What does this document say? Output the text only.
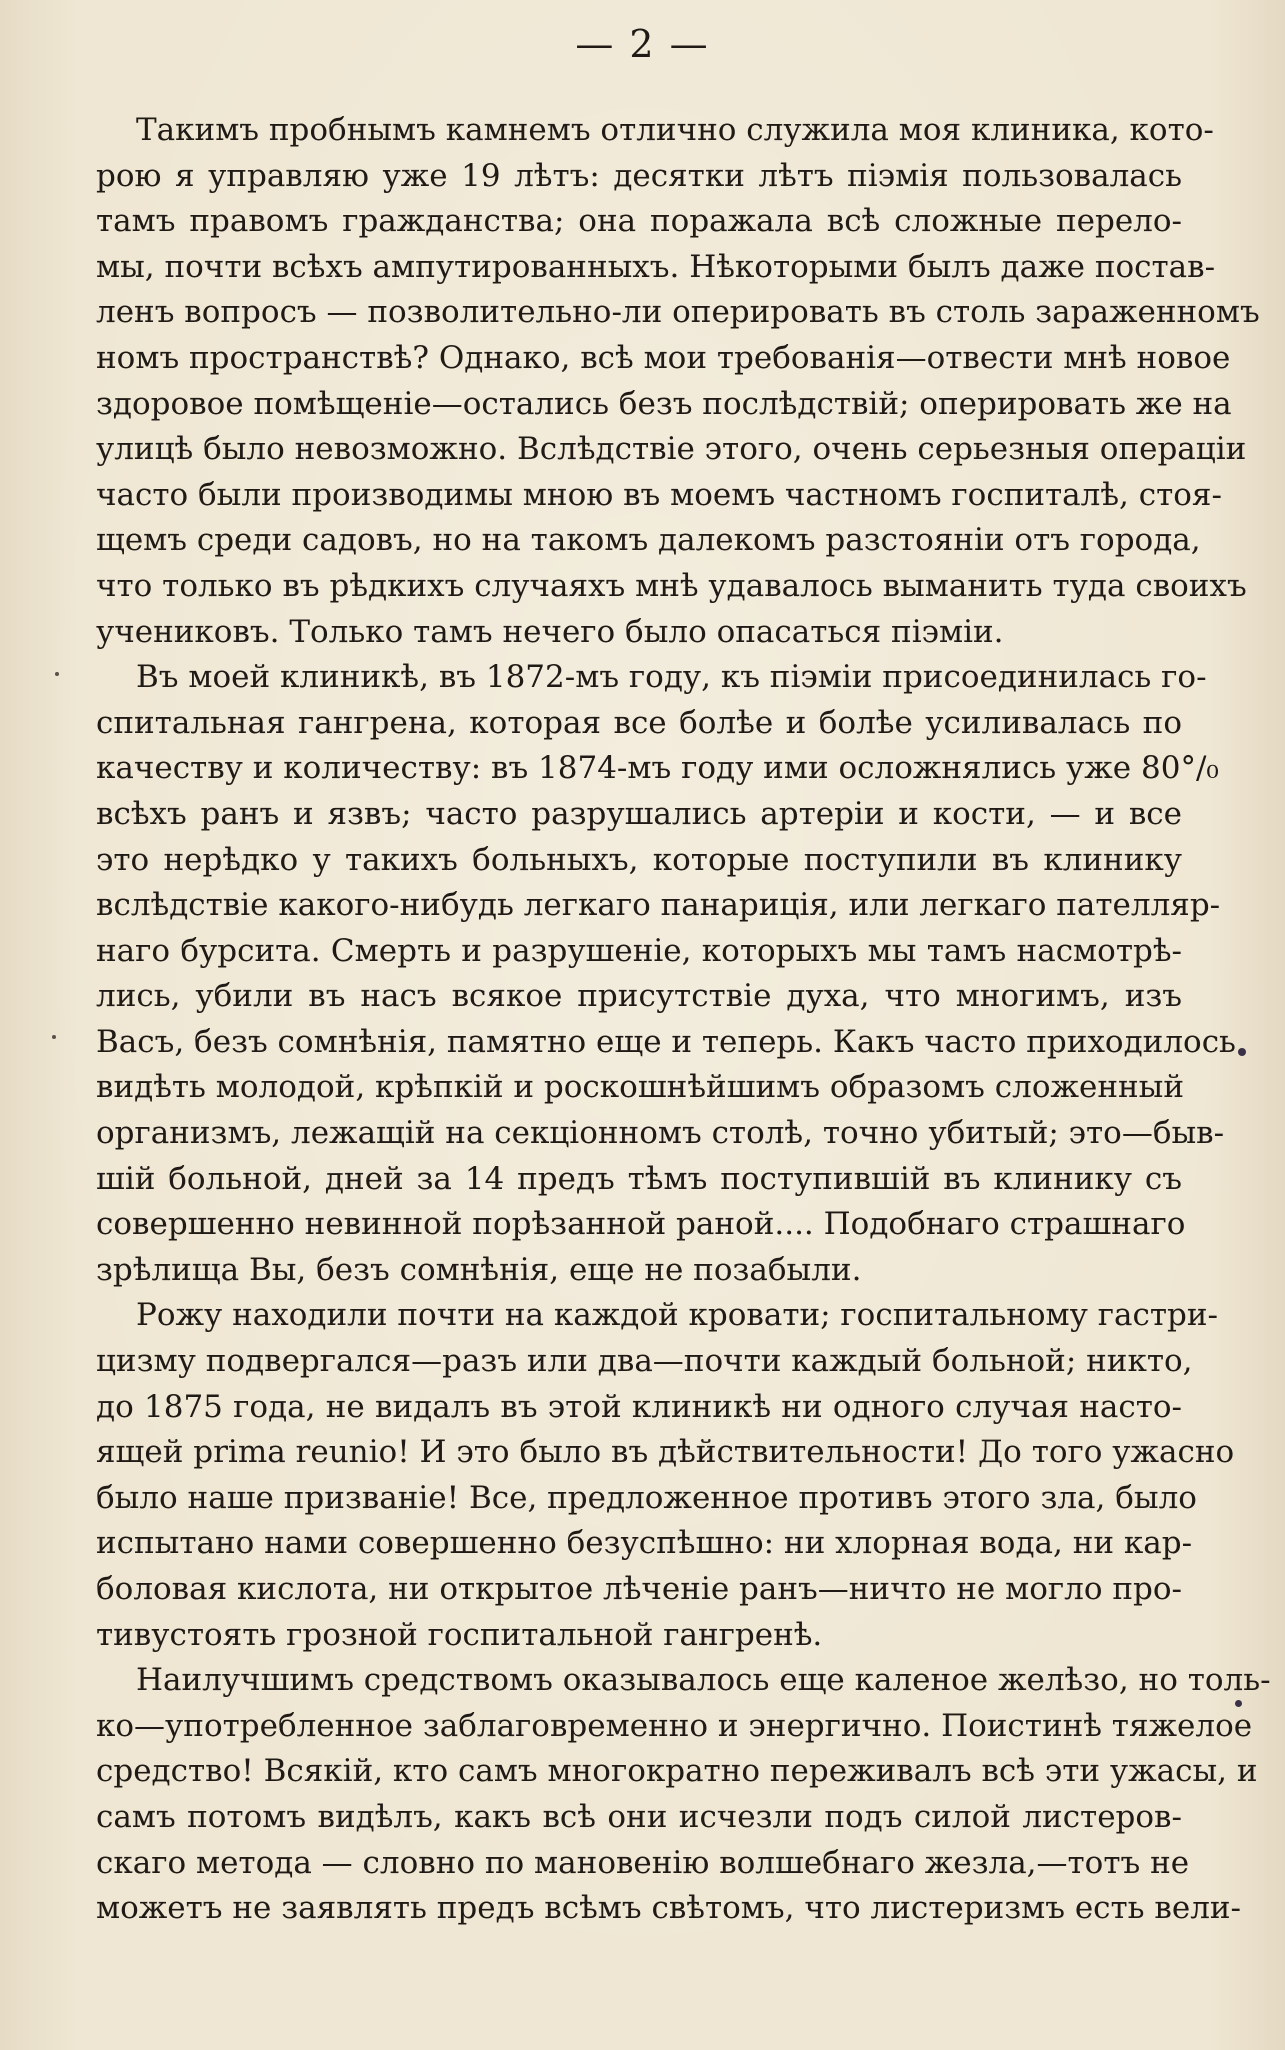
— 2 —
Такимъ пробнымъ камнемъ отлично служила моя клиника, кото-
рою я управляю уже 19 лѣтъ: десятки лѣтъ піэмія пользовалась
тамъ правомъ гражданства; она поражала всѣ сложные перело-
мы, почти всѣхъ ампутированныхъ. Нѣкоторыми былъ даже постав-
ленъ вопросъ — позволительно-ли оперировать въ столь зараженномъ
номъ пространствѣ? Однако, всѣ мои требованія—отвести мнѣ новое
здоровое помѣщеніе—остались безъ послѣдствій; оперировать же на
улицѣ было невозможно. Вслѣдствіе этого, очень серьезныя операціи
часто были производимы мною въ моемъ частномъ госпиталѣ, стоя-
щемъ среди садовъ, но на такомъ далекомъ разстояніи отъ города,
что только въ рѣдкихъ случаяхъ мнѣ удавалось выманить туда своихъ
учениковъ. Только тамъ нечего было опасаться піэміи.
Въ моей клиникѣ, въ 1872-мъ году, къ піэміи присоединилась го-
спитальная гангрена, которая все болѣе и болѣе усиливалась по
качеству и количеству: въ 1874-мъ году ими осложнялись уже 80°/₀
всѣхъ ранъ и язвъ; часто разрушались артеріи и кости, — и все
это нерѣдко у такихъ больныхъ, которые поступили въ клинику
вслѣдствіе какого-нибудь легкаго панариція, или легкаго пателляр-
наго бурсита. Смерть и разрушеніе, которыхъ мы тамъ насмотрѣ-
лись, убили въ насъ всякое присутствіе духа, что многимъ, изъ
Васъ, безъ сомнѣнія, памятно еще и теперь. Какъ часто приходилось
видѣть молодой, крѣпкій и роскошнѣйшимъ образомъ сложенный
организмъ, лежащій на секціонномъ столѣ, точно убитый; это—быв-
шій больной, дней за 14 предъ тѣмъ поступившій въ клинику съ
совершенно невинной порѣзанной раной.... Подобнаго страшнаго
зрѣлища Вы, безъ сомнѣнія, еще не позабыли.
Рожу находили почти на каждой кровати; госпитальному гастри-
цизму подвергался—разъ или два—почти каждый больной; никто,
до 1875 года, не видалъ въ этой клиникѣ ни одного случая насто-
ящей prima reunio! И это было въ дѣйствительности! До того ужасно
было наше призваніе! Все, предложенное противъ этого зла, было
испытано нами совершенно безуспѣшно: ни хлорная вода, ни кар-
боловая кислота, ни открытое лѣченіе ранъ—ничто не могло про-
тивустоять грозной госпитальной гангренѣ.
Наилучшимъ средствомъ оказывалось еще каленое желѣзо, но толь-
ко—употребленное заблаговременно и энергично. Поистинѣ тяжелое
средство! Всякій, кто самъ многократно переживалъ всѣ эти ужасы, и
самъ потомъ видѣлъ, какъ всѣ они исчезли подъ силой листеров-
скаго метода — словно по мановенію волшебнаго жезла,—тотъ не
можетъ не заявлять предъ всѣмъ свѣтомъ, что листеризмъ есть вели-
